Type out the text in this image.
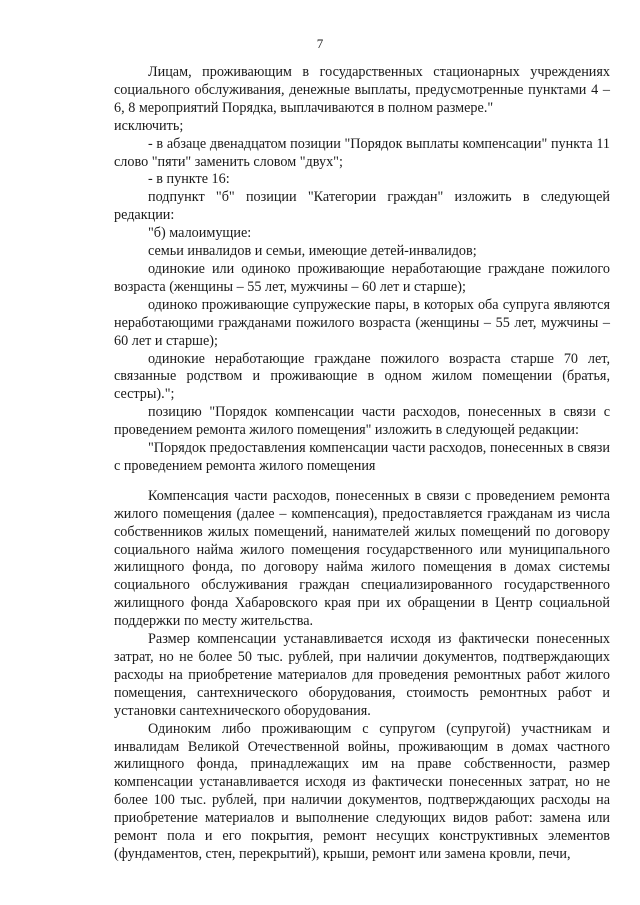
7

Лицам, проживающим в государственных стационарных учреждениях социального обслуживания, денежные выплаты, предусмотренные пунктами 4 – 6, 8 мероприятий Порядка, выплачиваются в полном размере."

исключить;

- в абзаце двенадцатом позиции "Порядок выплаты компенсации" пункта 11 слово "пяти" заменить словом "двух";

- в пункте 16:

подпункт "б" позиции "Категории граждан" изложить в следующей редакции:

"б) малоимущие:

семьи инвалидов и семьи, имеющие детей-инвалидов;

одинокие или одиноко проживающие неработающие граждане пожилого возраста (женщины – 55 лет, мужчины – 60 лет и старше);

одиноко проживающие супружеские пары, в которых оба супруга являются неработающими гражданами пожилого возраста (женщины – 55 лет, мужчины – 60 лет и старше);

одинокие неработающие граждане пожилого возраста старше 70 лет, связанные родством и проживающие в одном жилом помещении (братья, сестры).";

позицию "Порядок компенсации части расходов, понесенных в связи с проведением ремонта жилого помещения" изложить в следующей редакции:

"Порядок предоставления компенсации части расходов, понесенных в связи с проведением ремонта жилого помещения

Компенсация части расходов, понесенных в связи с проведением ремонта жилого помещения (далее – компенсация), предоставляется гражданам из числа собственников жилых помещений, нанимателей жилых помещений по договору социального найма жилого помещения государственного или муниципального жилищного фонда, по договору найма жилого помещения в домах системы социального обслуживания граждан специализированного государственного жилищного фонда Хабаровского края при их обращении в Центр социальной поддержки по месту жительства.

Размер компенсации устанавливается исходя из фактически понесенных затрат, но не более 50 тыс. рублей, при наличии документов, подтверждающих расходы на приобретение материалов для проведения ремонтных работ жилого помещения, сантехнического оборудования, стоимость ремонтных работ и установки сантехнического оборудования.

Одиноким либо проживающим с супругом (супругой) участникам и инвалидам Великой Отечественной войны, проживающим в домах частного жилищного фонда, принадлежащих им на праве собственности, размер компенсации устанавливается исходя из фактически понесенных затрат, но не более 100 тыс. рублей, при наличии документов, подтверждающих расходы на приобретение материалов и выполнение следующих видов работ: замена или ремонт пола и его покрытия, ремонт несущих конструктивных элементов (фундаментов, стен, перекрытий), крыши, ремонт или замена кровли, печи,
